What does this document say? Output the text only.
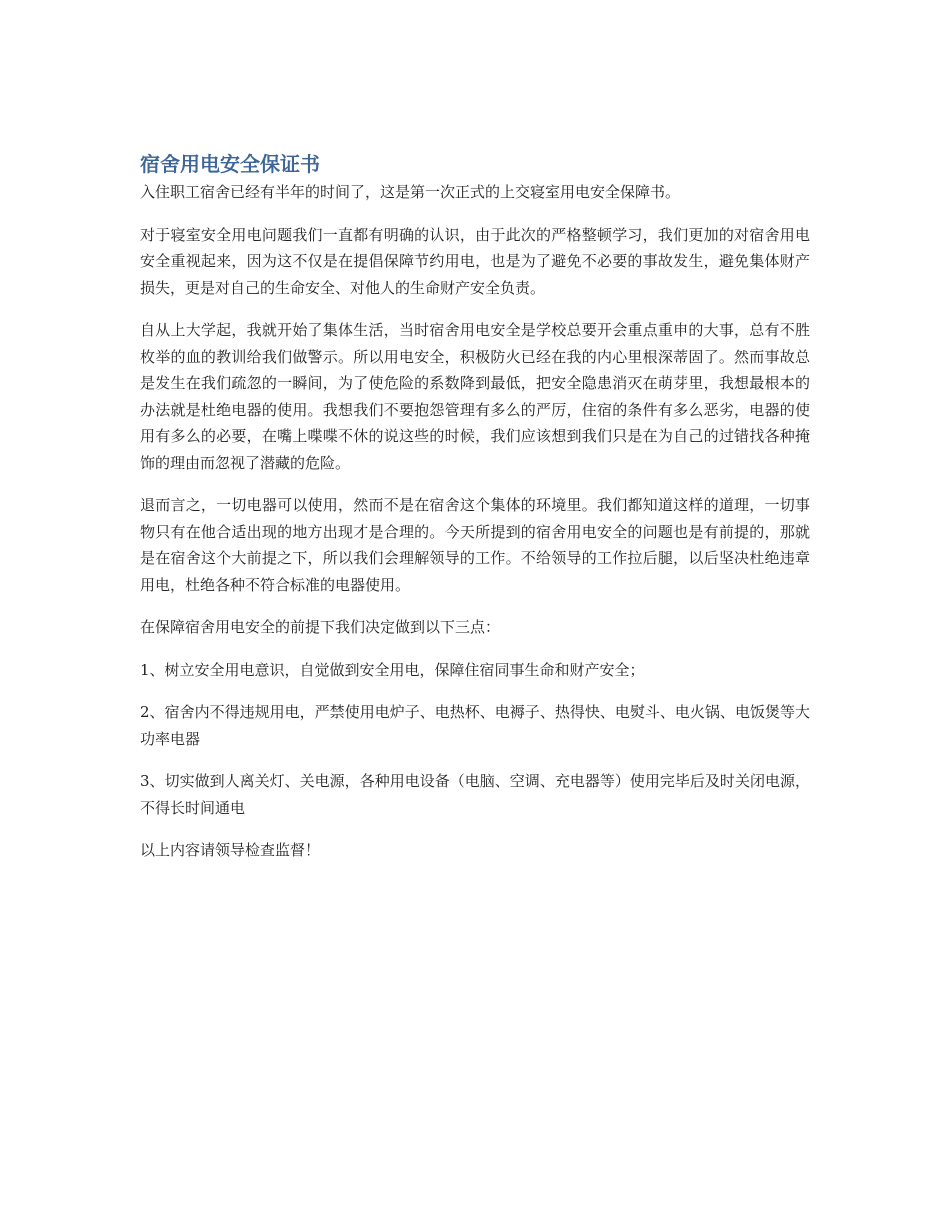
宿舍用电安全保证书

入住职工宿舍已经有半年的时间了，这是第一次正式的上交寝室用电安全保障书。

对于寝室安全用电问题我们一直都有明确的认识，由于此次的严格整顿学习，我们更加的对宿舍用电安全重视起来，因为这不仅是在提倡保障节约用电，也是为了避免不必要的事故发生，避免集体财产损失，更是对自己的生命安全、对他人的生命财产安全负责。

自从上大学起，我就开始了集体生活，当时宿舍用电安全是学校总要开会重点重申的大事，总有不胜枚举的血的教训给我们做警示。所以用电安全，积极防火已经在我的内心里根深蒂固了。然而事故总是发生在我们疏忽的一瞬间，为了使危险的系数降到最低，把安全隐患消灭在萌芽里，我想最根本的办法就是杜绝电器的使用。我想我们不要抱怨管理有多么的严厉，住宿的条件有多么恶劣，电器的使用有多么的必要，在嘴上喋喋不休的说这些的时候，我们应该想到我们只是在为自己的过错找各种掩饰的理由而忽视了潜藏的危险。

退而言之，一切电器可以使用，然而不是在宿舍这个集体的环境里。我们都知道这样的道理，一切事物只有在他合适出现的地方出现才是合理的。今天所提到的宿舍用电安全的问题也是有前提的，那就是在宿舍这个大前提之下，所以我们会理解领导的工作。不给领导的工作拉后腿，以后坚决杜绝违章用电，杜绝各种不符合标准的电器使用。

在保障宿舍用电安全的前提下我们决定做到以下三点：

1、树立安全用电意识，自觉做到安全用电，保障住宿同事生命和财产安全；

2、宿舍内不得违规用电，严禁使用电炉子、电热杯、电褥子、热得快、电熨斗、电火锅、电饭煲等大功率电器

3、切实做到人离关灯、关电源，各种用电设备（电脑、空调、充电器等）使用完毕后及时关闭电源，不得长时间通电

以上内容请领导检查监督！
